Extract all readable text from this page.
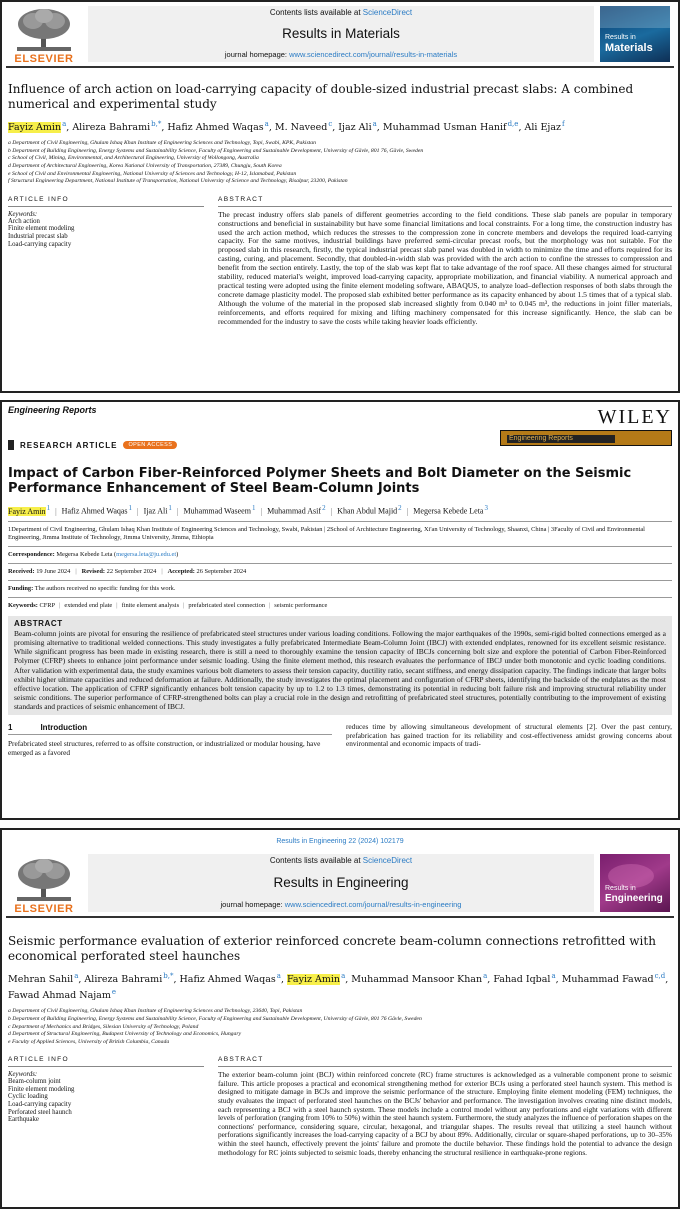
ELSEVIER
Contents lists available at ScienceDirect
Results in Materials
journal homepage: www.sciencedirect.com/journal/results-in-materials
Results in
Materials
Influence of arch action on load-carrying capacity of double-sized industrial precast slabs: A combined numerical and experimental study
Fayiz Amin$^a$, Alireza Bahrami$^{b,*}$, Hafiz Ahmed Waqas$^a$, M. Naveed$^c$, Ijaz Ali$^a$, Muhammad Usman Hanif$^{d,e}$, Ali Ejaz$^f$
a Department of Civil Engineering, Ghulam Ishaq Khan Institute of Engineering Sciences and Technology, Topi, Swabi, KPK, Pakistan
b Department of Building Engineering, Energy Systems and Sustainability Science, Faculty of Engineering and Sustainable Development, University of Gävle, 801 76, Gävle, Sweden
c School of Civil, Mining, Environmental, and Architectural Engineering, University of Wollongong, Australia
d Department of Architectural Engineering, Korea National University of Transportation, 27389, Chungju, South Korea
e School of Civil and Environmental Engineering, National University of Sciences and Technology, H-12, Islamabad, Pakistan
f Structural Engineering Department, National Institute of Transportation, National University of Science and Technology, Risalpur, 23200, Pakistan
ARTICLE INFO
Keywords:
Arch action
Finite element modeling
Industrial precast slab
Load-carrying capacity
ABSTRACT
The precast industry offers slab panels of different geometries according to the field conditions. These slab panels are popular in temporary constructions and beneficial in sustainability but have some financial limitations and local constraints. For a long time, the construction industry has used the arch action method, which reduces the stresses to the compression zone in concrete members and develops the required load-carrying capacity. For the same motives, industrial buildings have preferred semi-circular precast roofs, but the morphology was not suitable. For the proposed slab in this research, firstly, the typical industrial precast slab panel was doubled in width to minimize the time and efforts required for its casting, curing, and placement. Secondly, that doubled-in-width slab was provided with the arch action to confine the stresses to compression and benefit from the section entirely. Lastly, the top of the slab was kept flat to take advantage of the roof space. All these changes aimed for structural stability, reduced material's weight, improved load-carrying capacity, appropriate mobilization, and financial viability. A numerical approach and practical testing were adopted using the finite element modeling software, ABAQUS, to analyze load–deflection responses of both slabs through the concrete damage plasticity model. The proposed slab exhibited better performance as its capacity enhanced by about 1.5 times that of a typical slab. Although the volume of the material in the proposed slab increased slightly from 0.040 m³ to 0.045 m³, the reductions in joint filler materials, reinforcements, and efforts required for mixing and lifting machinery compensated for this increase significantly. Hence, the slab can be recommended for the industry to save the costs while taking heavier loads efficiently.
Engineering Reports	WILEY
Engineering Reports
RESEARCH ARTICLE	OPEN ACCESS
Impact of Carbon Fiber-Reinforced Polymer Sheets and Bolt Diameter on the Seismic Performance Enhancement of Steel Beam-Column Joints
Fayiz Amin$^1$ | Hafiz Ahmed Waqas$^1$ | Ijaz Ali$^1$ | Muhammad Waseem$^1$ | Muhammad Asif$^2$ | Khan Abdul Majid$^2$ | Megersa Kebede Leta$^3$
1Department of Civil Engineering, Ghulam Ishaq Khan Institute of Engineering Sciences and Technology, Swabi, Pakistan | 2School of Architecture Engineering, Xi'an University of Technology, Shaanxi, China | 3Faculty of Civil and Environmental Engineering, Jimma Institute of Technology, Jimma University, Jimma, Ethiopia
Correspondence: Megersa Kebede Leta (megersa.leta@ju.edu.et)
Received: 19 June 2024 | Revised: 22 September 2024 | Accepted: 26 September 2024
Funding: The authors received no specific funding for this work.
Keywords: CFRP | extended end plate | finite element analysis | prefabricated steel connection | seismic performance
ABSTRACT
Beam-column joints are pivotal for ensuring the resilience of prefabricated steel structures under various loading conditions. Following the major earthquakes of the 1990s, semi-rigid bolted connections emerged as a promising alternative to traditional welded connections. This study investigates a fully prefabricated Intermediate Beam-Column Joint (IBCJ) with extended endplates, renowned for its excellent seismic resistance. While significant progress has been made in existing research, there is still a need to thoroughly examine the tension capacity of IBCJs concerning bolt size and explore the potential of Carbon Fiber-Reinforced Polymer (CFRP) sheets to enhance joint performance under seismic loading. Using the finite element method, this research evaluates the performance of IBCJ under both monotonic and cyclic loading conditions. After validation with experimental data, the study examines various bolt diameters to assess their tension capacity, ductility ratio, secant stiffness, and energy dissipation capacity. The findings indicate that larger bolts exhibit higher ultimate capacities and reduced deformation at failure. Additionally, the study investigates the optimal placement and configuration of CFRP sheets, identifying the backside of the endplates as the most effective location. The application of CFRP significantly enhances bolt tension capacity by up to 1.2 to 1.3 times, demonstrating its potential in reducing bolt failure risk and improving structural reliability under seismic conditions. The superior performance of CFRP-strengthened bolts can play a crucial role in the design and retrofitting of prefabricated steel structures, potentially contributing to the improvement of existing standards and practices of seismic enhancement of IBCJ.
1	Introduction

Prefabricated steel structures, referred to as offsite construction, or industrialized or modular housing, have emerged as a favored

reduces time by allowing simultaneous development of structural elements [2]. Over the past century, prefabrication has gained traction for its reliability and cost-effectiveness amidst growing concerns about environmental and economic impacts of tradi-
Results in Engineering 22 (2024) 102179
ELSEVIER
Contents lists available at ScienceDirect
Results in Engineering
journal homepage: www.sciencedirect.com/journal/results-in-engineering
Results in
Engineering
Seismic performance evaluation of exterior reinforced concrete beam-column connections retrofitted with economical perforated steel haunches
Mehran Sahil$^a$, Alireza Bahrami$^{b,*}$, Hafiz Ahmed Waqas$^a$, Fayiz Amin$^a$, Muhammad Mansoor Khan$^a$, Fahad Iqbal$^a$, Muhammad Fawad$^{c,d}$, Fawad Ahmad Najam$^e$
a Department of Civil Engineering, Ghulam Ishaq Khan Institute of Engineering Sciences and Technology, 23640, Topi, Pakistan
b Department of Building Engineering, Energy Systems and Sustainability Science, Faculty of Engineering and Sustainable Development, University of Gävle, 801 76 Gävle, Sweden
c Department of Mechanics and Bridges, Silesian University of Technology, Poland
d Department of Structural Engineering, Budapest University of Technology and Economics, Hungary
e Faculty of Applied Sciences, University of British Columbia, Canada
ARTICLE INFO
Keywords:
Beam-column joint
Finite element modeling
Cyclic loading
Load-carrying capacity
Perforated steel haunch
Earthquake
ABSTRACT
The exterior beam-column joint (BCJ) within reinforced concrete (RC) frame structures is acknowledged as a vulnerable component prone to seismic failure. This article proposes a practical and economical strengthening method for exterior BCJs using a perforated steel haunch system. This method is designed to mitigate damage in BCJs and improve the seismic performance of the structure. Employing finite element modeling (FEM) techniques, the study evaluates the impact of perforated steel haunches on the BCJs' behavior and performance. The investigation involves creating nine distinct models, each representing a BCJ with a steel haunch system. These models include a control model without any perforations and eight variations with different levels of perforation (ranging from 10% to 50%) within the steel haunch system. Furthermore, the study analyzes the influence of perforation shapes on the connections' performance, considering square, circular, hexagonal, and triangular shapes. The results reveal that utilizing a steel haunch without perforations significantly increases the load-carrying capacity of a BCJ by about 89%. Additionally, circular or square-shaped perforations, up to 30–35% within the steel haunch, effectively prevent the joints' failure and promote the ductile behavior. These findings hold the potential to advance the design methodology for RC joints subjected to seismic loads, thereby enhancing the structural resilience in earthquake-prone regions.
